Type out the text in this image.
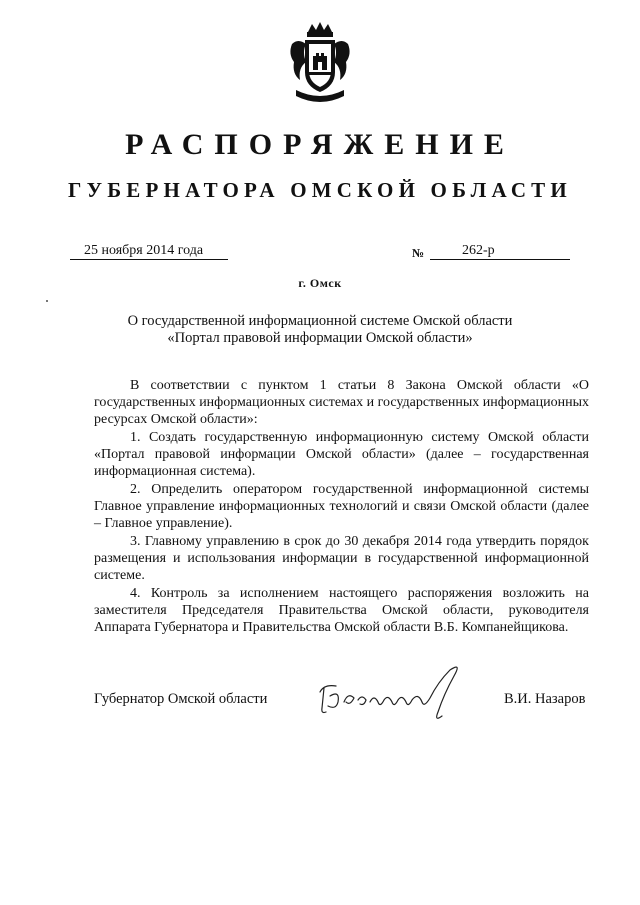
РАСПОРЯЖЕНИЕ
ГУБЕРНАТОРА ОМСКОЙ ОБЛАСТИ
25 ноября 2014 года	№	262-р
г. Омск
О государственной информационной системе Омской области
«Портал правовой информации Омской области»

В соответствии с пунктом 1 статьи 8 Закона Омской области «О государственных информационных системах и государственных информационных ресурсах Омской области»:

1. Создать государственную информационную систему Омской области «Портал правовой информации Омской области» (далее – государственная информационная система).

2. Определить оператором государственной информационной системы Главное управление информационных технологий и связи Омской области (далее – Главное управление).

3. Главному управлению в срок до 30 декабря 2014 года утвердить порядок размещения и использования информации в государственной информационной системе.

4. Контроль за исполнением настоящего распоряжения возложить на заместителя Председателя Правительства Омской области, руководителя Аппарата Губернатора и Правительства Омской области В.Б. Компанейщикова.

Губернатор Омской области	В.И. Назаров
